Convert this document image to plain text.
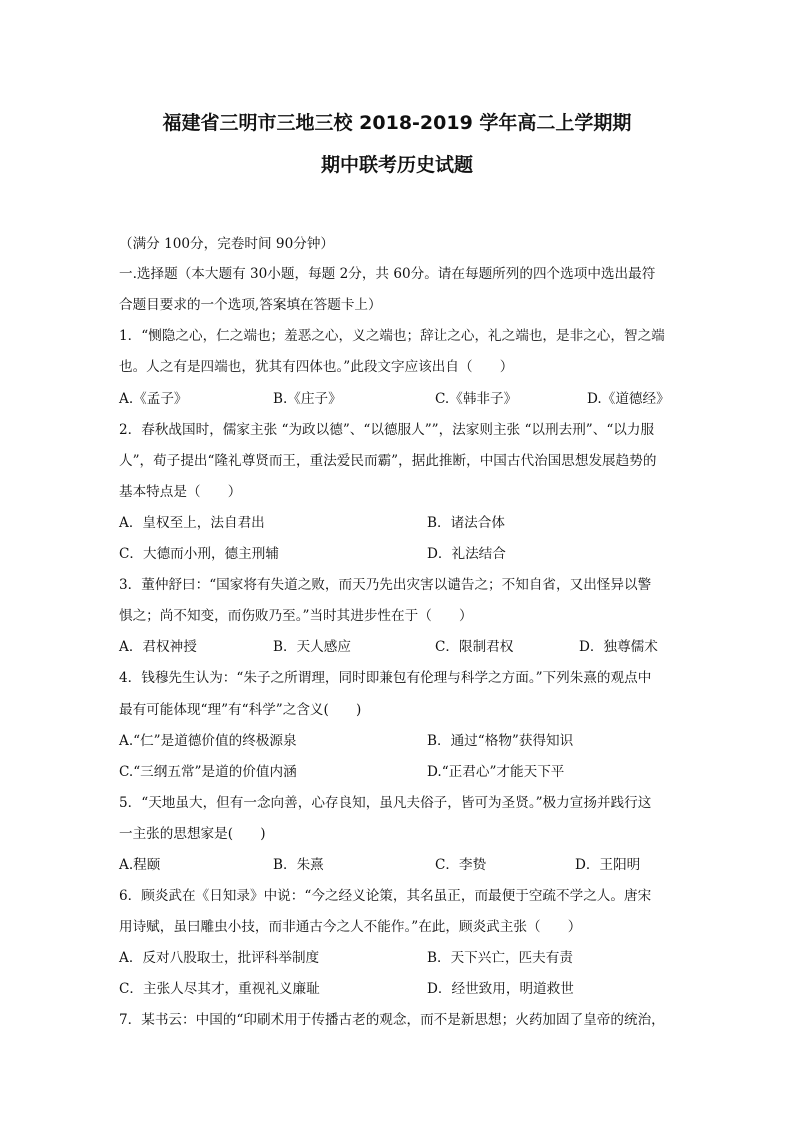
福建省三明市三地三校 2018-2019 学年高二上学期期
期中联考历史试题
（满分 100分，完卷时间 90分钟）
一.选择题（本大题有 30小题，每题 2分，共 60分。请在每题所列的四个选项中选出最符
合题目要求的一个选项,答案填在答题卡上）
1．“恻隐之心，仁之端也；羞恶之心，义之端也；辞让之心，礼之端也，是非之心，智之端
也。人之有是四端也，犹其有四体也。”此段文字应该出自（　　）
A.《孟子》	B.《庄子》	C.《韩非子》	D.《道德经》
2．春秋战国时，儒家主张 “为政以德”、“以德服人””，法家则主张 “以刑去刑”、“以力服
人”，荀子提出“隆礼尊贤而王，重法爱民而霸”，据此推断，中国古代治国思想发展趋势的
基本特点是（　　）
A．皇权至上，法自君出	B．诸法合体
C．大德而小刑，德主刑辅	D．礼法结合
3．董仲舒曰：“国家将有失道之败，而天乃先出灾害以谴告之；不知自省，又出怪异以警
惧之；尚不知变，而伤败乃至。”当时其进步性在于（　　）
A．君权神授	B．天人感应	C．限制君权	D．独尊儒术
4．钱穆先生认为：“朱子之所谓理，同时即兼包有伦理与科学之方面。”下列朱熹的观点中
最有可能体现“理”有“科学”之含义(　　)
A.“仁”是道德价值的终极源泉	B．通过“格物”获得知识
C.“三纲五常”是道的价值内涵	D.“正君心”才能天下平
5．“天地虽大，但有一念向善，心存良知，虽凡夫俗子，皆可为圣贤。”极力宣扬并践行这
一主张的思想家是(　　)
A.程颐	B．朱熹	C．李贽	D．王阳明
6．顾炎武在《日知录》中说：“今之经义论策，其名虽正，而最便于空疏不学之人。唐宋
用诗赋，虽曰雕虫小技，而非通古今之人不能作。”在此，顾炎武主张（　　）
A．反对八股取士，批评科举制度	B．天下兴亡，匹夫有责
C．主张人尽其才，重视礼义廉耻	D．经世致用，明道救世
7．某书云：中国的“印刷术用于传播古老的观念，而不是新思想；火药加固了皇帝的统治，
